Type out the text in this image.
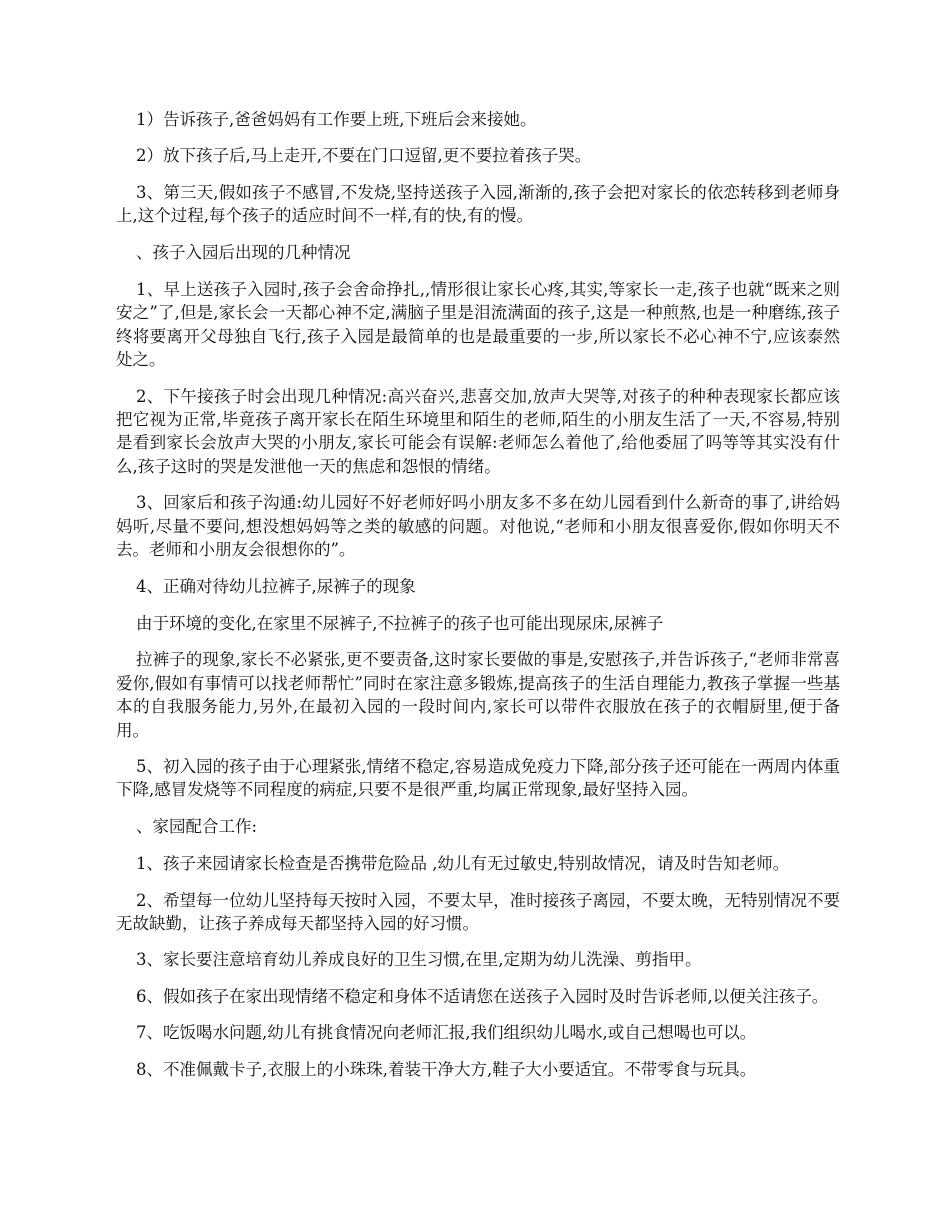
1）告诉孩子,爸爸妈妈有工作要上班,下班后会来接她。

2）放下孩子后,马上走开,不要在门口逗留,更不要拉着孩子哭。

3、第三天,假如孩子不感冒,不发烧,坚持送孩子入园,渐渐的,孩子会把对家长的依恋转移到老师身上,这个过程,每个孩子的适应时间不一样,有的快,有的慢。

、孩子入园后出现的几种情况

1、早上送孩子入园时,孩子会舍命挣扎,,情形很让家长心疼,其实,等家长一走,孩子也就“既来之则安之”了,但是,家长会一天都心神不定,满脑子里是泪流满面的孩子,这是一种煎熬,也是一种磨练,孩子终将要离开父母独自飞行,孩子入园是最简单的也是最重要的一步,所以家长不必心神不宁,应该泰然处之。

2、下午接孩子时会出现几种情况:高兴奋兴,悲喜交加,放声大哭等,对孩子的种种表现家长都应该把它视为正常,毕竟孩子离开家长在陌生环境里和陌生的老师,陌生的小朋友生活了一天,不容易,特别是看到家长会放声大哭的小朋友,家长可能会有误解:老师怎么着他了,给他委屈了吗等等其实没有什么,孩子这时的哭是发泄他一天的焦虑和怨恨的情绪。

3、回家后和孩子沟通:幼儿园好不好老师好吗小朋友多不多在幼儿园看到什么新奇的事了,讲给妈妈听,尽量不要问,想没想妈妈等之类的敏感的问题。对他说,“老师和小朋友很喜爱你,假如你明天不去。老师和小朋友会很想你的”。

4、正确对待幼儿拉裤子,尿裤子的现象

由于环境的变化,在家里不尿裤子,不拉裤子的孩子也可能出现尿床,尿裤子

拉裤子的现象,家长不必紧张,更不要责备,这时家长要做的事是,安慰孩子,并告诉孩子,“老师非常喜爱你,假如有事情可以找老师帮忙”同时在家注意多锻炼,提高孩子的生活自理能力,教孩子掌握一些基本的自我服务能力,另外,在最初入园的一段时间内,家长可以带件衣服放在孩子的衣帽厨里,便于备用。

5、初入园的孩子由于心理紧张,情绪不稳定,容易造成免疫力下降,部分孩子还可能在一两周内体重下降,感冒发烧等不同程度的病症,只要不是很严重,均属正常现象,最好坚持入园。

、家园配合工作:

1、孩子来园请家长检查是否携带危险品 ,幼儿有无过敏史,特别故情况，请及时告知老师。

2、希望每一位幼儿坚持每天按时入园，不要太早，准时接孩子离园，不要太晚，无特别情况不要无故缺勤，让孩子养成每天都坚持入园的好习惯。

3、家长要注意培育幼儿养成良好的卫生习惯,在里,定期为幼儿洗澡、剪指甲。

6、假如孩子在家出现情绪不稳定和身体不适请您在送孩子入园时及时告诉老师,以便关注孩子。

7、吃饭喝水问题,幼儿有挑食情况向老师汇报,我们组织幼儿喝水,或自己想喝也可以。

8、不准佩戴卡子,衣服上的小珠珠,着装干净大方,鞋子大小要适宜。不带零食与玩具。
